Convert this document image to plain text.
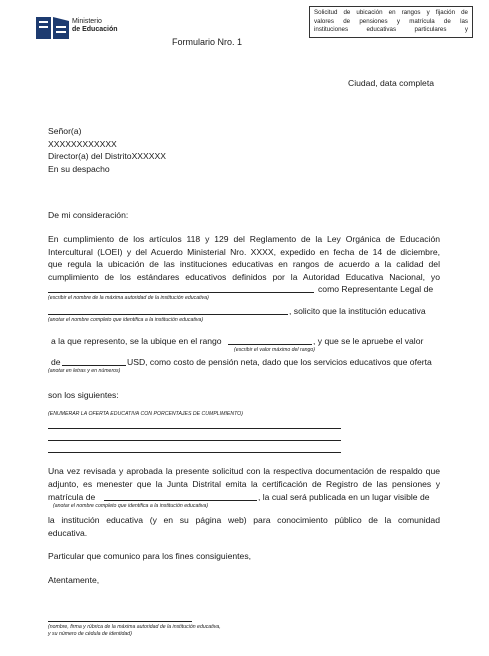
Ministerio
de Educación
Formulario Nro. 1
Solicitud de ubicación en rangos y fijación de
valores de pensiones y matrícula de las
instituciones educativas particulares y
Ciudad, data completa
Señor(a)
XXXXXXXXXXXX
Director(a) del DistritoXXXXXX
En su despacho
De mi consideración:
En cumplimiento de los artículos 118 y 129 del Reglamento de la Ley Orgánica de Educación
Intercultural (LOEI) y del Acuerdo Ministerial Nro. XXXX, expedido en fecha de 14 de diciembre,
que regula la ubicación de las instituciones educativas en rangos de acuerdo a la calidad del
cumplimiento de los estándares educativos definidos por la Autoridad Educativa Nacional, yo
como Representante Legal de
(escribir el nombre de la máxima autoridad de la institución educativa)
, solicito que la institución educativa
(anotar el nombre completo que identifica a la institución educativa)
a la que represento, se la ubique en el rango	, y que se le apruebe el valor
(escribir el valor máximo del rango)
de	USD, como costo de pensión neta, dado que los servicios educativos que oferta
(anotar en letras y en números)
son los siguientes:
(ENUMERAR LA OFERTA EDUCATIVA CON PORCENTAJES DE CUMPLIMIENTO)
Una vez revisada y aprobada la presente solicitud con la respectiva documentación de respaldo que
adjunto, es menester que la Junta Distrital emita la certificación de Registro de las pensiones y
matrícula de	, la cual será publicada en un lugar visible de
(anotar el nombre completo que identifica a la institución educativa)
la institución educativa (y en su página web) para conocimiento público de la comunidad
educativa.
Particular que comunico para los fines consiguientes,
Atentamente,
(nombre, firma y rúbrica de la máxima autoridad de la institución educativa,
y su número de cédula de identidad)
